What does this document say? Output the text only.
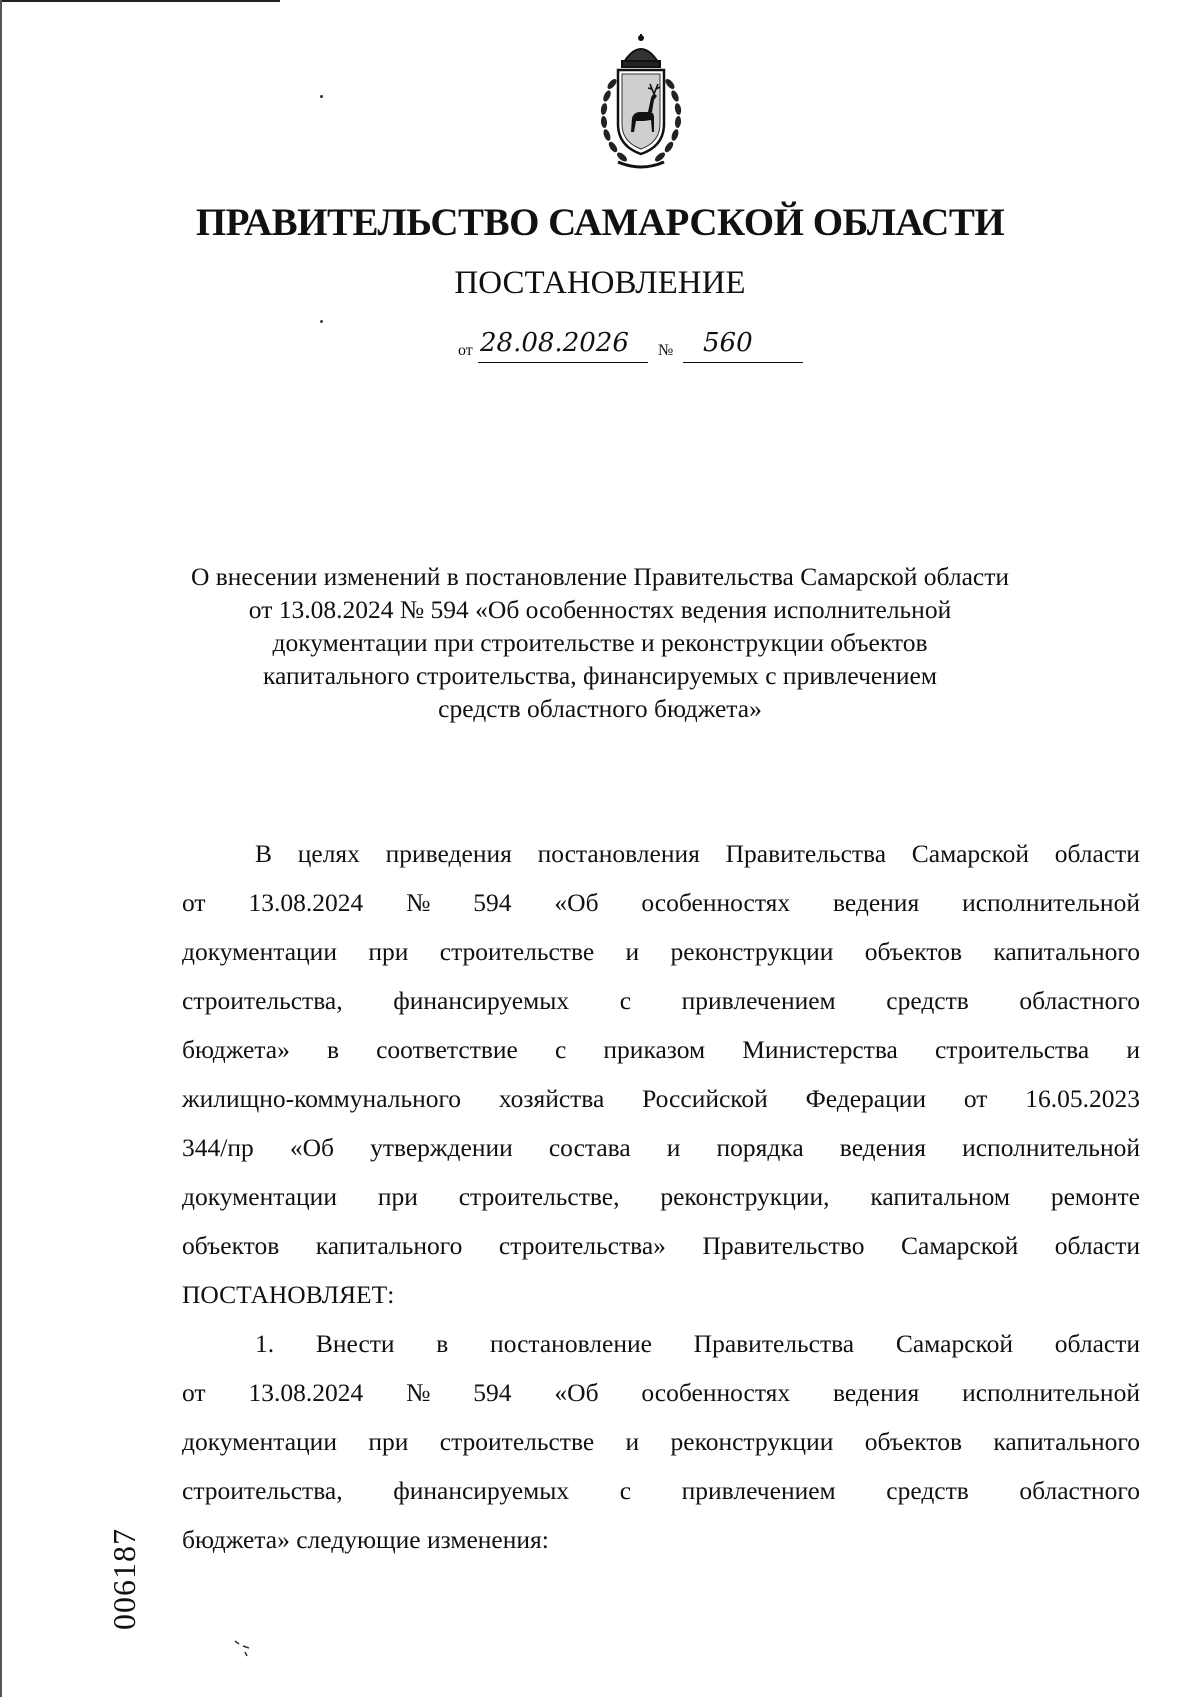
ПРАВИТЕЛЬСТВО САМАРСКОЙ ОБЛАСТИ
ПОСТАНОВЛЕНИЕ
от 28.08.2026 № 560
О внесении изменений в постановление Правительства Самарской области
от 13.08.2024 № 594 «Об особенностях ведения исполнительной
документации при строительстве и реконструкции объектов
капитального строительства, финансируемых с привлечением
средств областного бюджета»
В целях приведения постановления Правительства Самарской области
от 13.08.2024 № 594 «Об особенностях ведения исполнительной
документации при строительстве и реконструкции объектов капитального
строительства, финансируемых с привлечением средств областного
бюджета» в соответствие с приказом Министерства строительства и
жилищно-коммунального хозяйства Российской Федерации от 16.05.2023
344/пр «Об утверждении состава и порядка ведения исполнительной
документации при строительстве, реконструкции, капитальном ремонте
объектов капитального строительства» Правительство Самарской области
ПОСТАНОВЛЯЕТ:
1. Внести в постановление Правительства Самарской области
от 13.08.2024 № 594 «Об особенностях ведения исполнительной
документации при строительстве и реконструкции объектов капитального
строительства, финансируемых с привлечением средств областного
бюджета» следующие изменения:
006187
